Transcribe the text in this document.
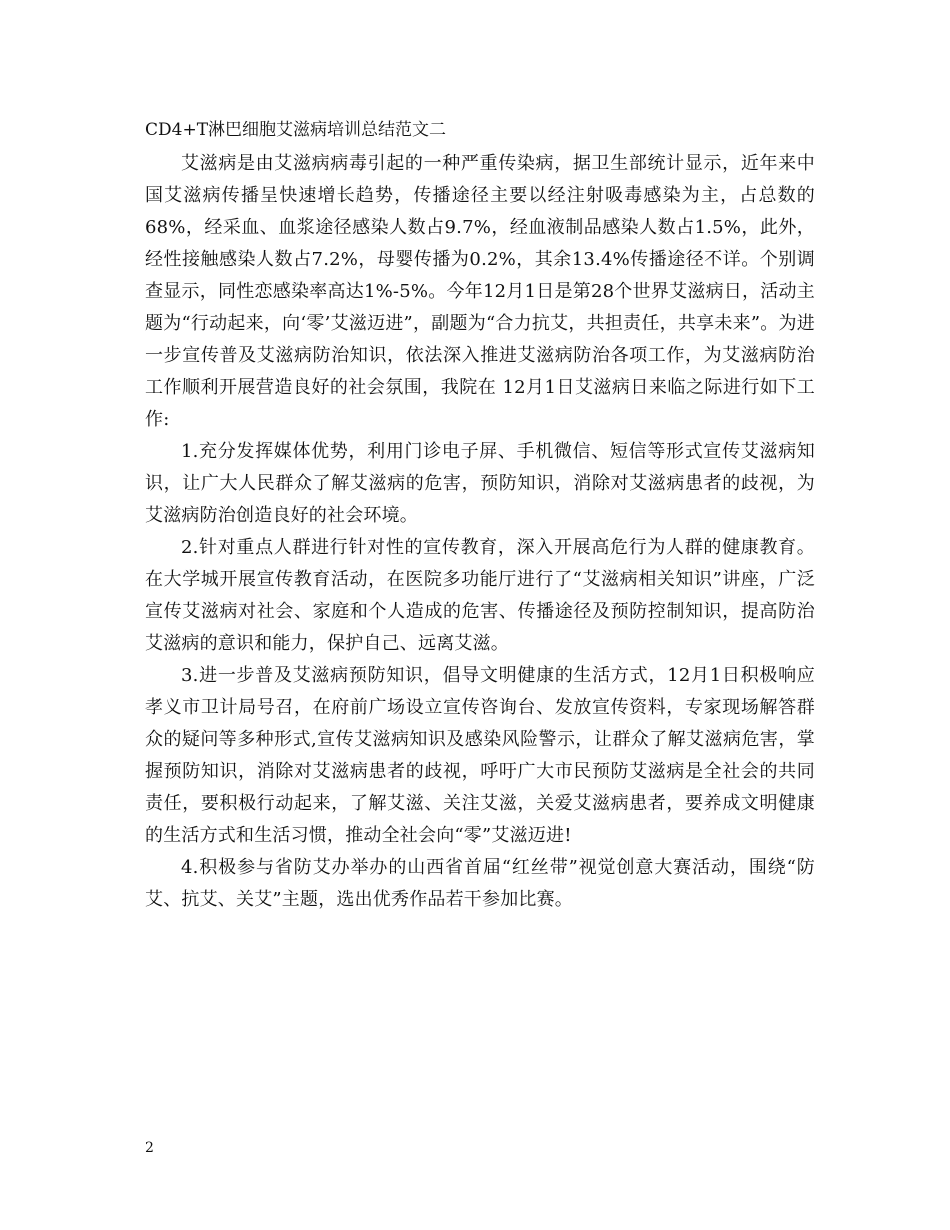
CD4+T淋巴细胞艾滋病培训总结范文二

艾滋病是由艾滋病病毒引起的一种严重传染病，据卫生部统计显示，近年来中国艾滋病传播呈快速增长趋势，传播途径主要以经注射吸毒感染为主，占总数的68%，经采血、血浆途径感染人数占9.7%，经血液制品感染人数占1.5%，此外，经性接触感染人数占7.2%，母婴传播为0.2%，其余13.4%传播途径不详。个别调查显示，同性恋感染率高达1%-5%。今年12月1日是第28个世界艾滋病日，活动主题为“行动起来，向‘零’艾滋迈进”，副题为“合力抗艾，共担责任，共享未来”。为进一步宣传普及艾滋病防治知识，依法深入推进艾滋病防治各项工作，为艾滋病防治工作顺利开展营造良好的社会氛围，我院在 12月1日艾滋病日来临之际进行如下工作:

1.充分发挥媒体优势，利用门诊电子屏、手机微信、短信等形式宣传艾滋病知识，让广大人民群众了解艾滋病的危害，预防知识，消除对艾滋病患者的歧视，为艾滋病防治创造良好的社会环境。

2.针对重点人群进行针对性的宣传教育，深入开展高危行为人群的健康教育。在大学城开展宣传教育活动，在医院多功能厅进行了“艾滋病相关知识”讲座，广泛宣传艾滋病对社会、家庭和个人造成的危害、传播途径及预防控制知识，提高防治艾滋病的意识和能力，保护自己、远离艾滋。

3.进一步普及艾滋病预防知识，倡导文明健康的生活方式，12月1日积极响应孝义市卫计局号召，在府前广场设立宣传咨询台、发放宣传资料，专家现场解答群众的疑问等多种形式,宣传艾滋病知识及感染风险警示，让群众了解艾滋病危害，掌握预防知识，消除对艾滋病患者的歧视，呼吁广大市民预防艾滋病是全社会的共同责任，要积极行动起来，了解艾滋、关注艾滋，关爱艾滋病患者，要养成文明健康的生活方式和生活习惯，推动全社会向“零”艾滋迈进!

4.积极参与省防艾办举办的山西省首届“红丝带”视觉创意大赛活动，围绕“防艾、抗艾、关艾”主题，选出优秀作品若干参加比赛。

2
